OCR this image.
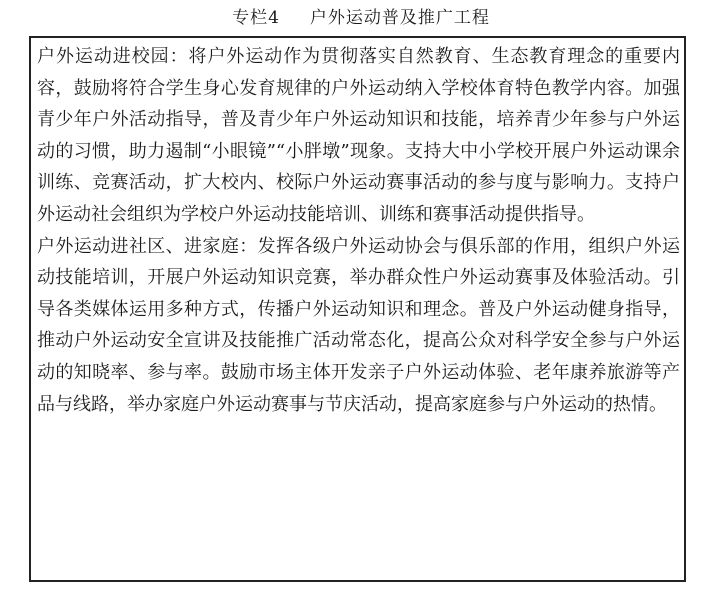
专栏4 户外运动普及推广工程

户外运动进校园：将户外运动作为贯彻落实自然教育、生态教育理念的重要内容，鼓励将符合学生身心发育规律的户外运动纳入学校体育特色教学内容。加强青少年户外活动指导，普及青少年户外运动知识和技能，培养青少年参与户外运动的习惯，助力遏制“小眼镜”“小胖墩”现象。支持大中小学校开展户外运动课余训练、竞赛活动，扩大校内、校际户外运动赛事活动的参与度与影响力。支持户外运动社会组织为学校户外运动技能培训、训练和赛事活动提供指导。

户外运动进社区、进家庭：发挥各级户外运动协会与俱乐部的作用，组织户外运动技能培训，开展户外运动知识竞赛，举办群众性户外运动赛事及体验活动。引导各类媒体运用多种方式，传播户外运动知识和理念。普及户外运动健身指导，推动户外运动安全宣讲及技能推广活动常态化，提高公众对科学安全参与户外运动的知晓率、参与率。鼓励市场主体开发亲子户外运动体验、老年康养旅游等产品与线路，举办家庭户外运动赛事与节庆活动，提高家庭参与户外运动的热情。
